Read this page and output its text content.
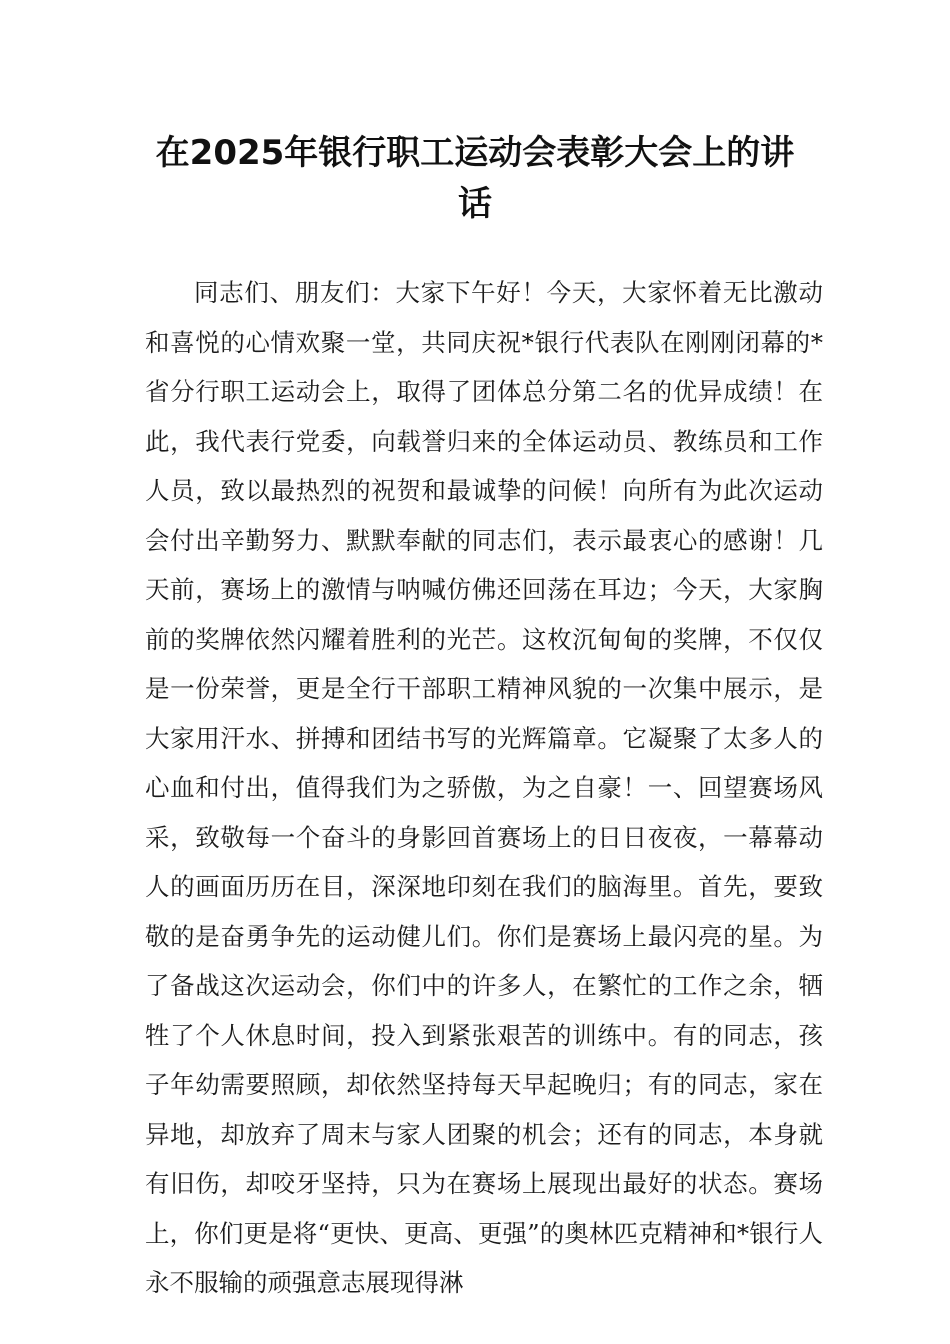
在2025年银行职工运动会表彰大会上的讲话

同志们、朋友们：大家下午好！今天，大家怀着无比激动和喜悦的心情欢聚一堂，共同庆祝*银行代表队在刚刚闭幕的*省分行职工运动会上，取得了团体总分第二名的优异成绩！在此，我代表行党委，向载誉归来的全体运动员、教练员和工作人员，致以最热烈的祝贺和最诚挚的问候！向所有为此次运动会付出辛勤努力、默默奉献的同志们，表示最衷心的感谢！几天前，赛场上的激情与呐喊仿佛还回荡在耳边；今天，大家胸前的奖牌依然闪耀着胜利的光芒。这枚沉甸甸的奖牌，不仅仅是一份荣誉，更是全行干部职工精神风貌的一次集中展示，是大家用汗水、拼搏和团结书写的光辉篇章。它凝聚了太多人的心血和付出，值得我们为之骄傲，为之自豪！一、回望赛场风采，致敬每一个奋斗的身影回首赛场上的日日夜夜，一幕幕动人的画面历历在目，深深地印刻在我们的脑海里。首先，要致敬的是奋勇争先的运动健儿们。你们是赛场上最闪亮的星。为了备战这次运动会，你们中的许多人，在繁忙的工作之余，牺牲了个人休息时间，投入到紧张艰苦的训练中。有的同志，孩子年幼需要照顾，却依然坚持每天早起晚归；有的同志，家在异地，却放弃了周末与家人团聚的机会；还有的同志，本身就有旧伤，却咬牙坚持，只为在赛场上展现出最好的状态。赛场上，你们更是将“更快、更高、更强”的奥林匹克精神和*银行人永不服输的顽强意志展现得淋
